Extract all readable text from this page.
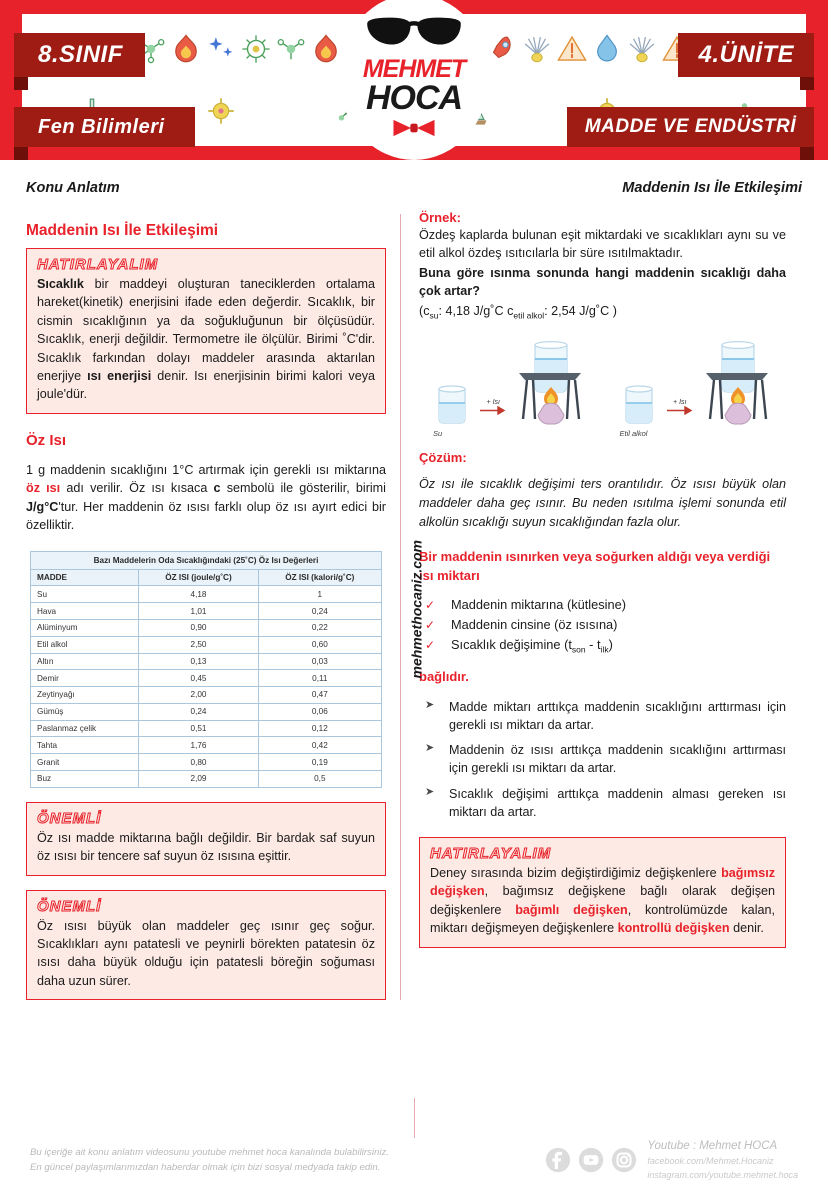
8.SINIF
Fen Bilimleri
4.ÜNİTE
MADDE VE ENDÜSTRİ
MEHMET
HOCA
Konu Anlatım	Maddenin Isı İle Etkileşimi
Maddenin Isı İle Etkileşimi
HATIRLAYALIM

Sıcaklık bir maddeyi oluşturan taneciklerden ortalama hareket(kinetik) enerjisini ifade eden değerdir. Sıcaklık, bir cismin sıcaklığının ya da soğukluğunun bir ölçüsüdür. Sıcaklık, enerji değildir. Termometre ile ölçülür. Birimi ˚C'dir. Sıcaklık farkından dolayı maddeler arasında aktarılan enerjiye ısı enerjisi denir. Isı enerjisinin birimi kalori veya joule'dür.

Öz Isı

1 g maddenin sıcaklığını 1°C artırmak için gerekli ısı miktarına öz ısı adı verilir. Öz ısı kısaca c sembolü ile gösterilir, birimi J/g°C'tur. Her maddenin öz ısısı farklı olup öz ısı ayırt edici bir özelliktir.

Bazı Maddelerin Oda Sıcaklığındaki (25˚C) Öz Isı Değerleri
MADDE	ÖZ ISI (joule/g˚C)	ÖZ ISI (kalori/g˚C)
Su	4,18	1
Hava	1,01	0,24
Alüminyum	0,90	0,22
Etil alkol	2,50	0,60
Altın	0,13	0,03
Demir	0,45	0,11
Zeytinyağı	2,00	0,47
Gümüş	0,24	0,06
Paslanmaz çelik	0,51	0,12
Tahta	1,76	0,42
Granit	0,80	0,19
Buz	2,09	0,5
ÖNEMLİ

Öz ısı madde miktarına bağlı değildir. Bir bardak saf suyun öz ısısı bir tencere saf suyun öz ısısına eşittir.

ÖNEMLİ

Öz ısısı büyük olan maddeler geç ısınır geç soğur. Sıcaklıkları aynı patatesli ve peynirli börekten patatesin öz ısısı daha büyük olduğu için patatesli böreğin soğuması daha uzun sürer.

mehmethocaniz.com
Örnek:

Özdeş kaplarda bulunan eşit miktardaki ve sıcaklıkları aynı su ve etil alkol özdeş ısıtıcılarla bir süre ısıtılmaktadır.

Buna göre ısınma sonunda hangi maddenin sıcaklığı daha çok artar?

($c_{su}$: 4,18 J/g˚C $c_{etil alkol}$: 2,54 J/g˚C )

+ Isı
Su
+ Isı
Etil alkol
Çözüm:

Öz ısı ile sıcaklık değişimi ters orantılıdır. Öz ısısı büyük olan maddeler daha geç ısınır. Bu neden ısıtılma işlemi sonunda etil alkolün sıcaklığı suyun sıcaklığından fazla olur.

Bir maddenin ısınırken veya soğurken aldığı veya verdiği ısı miktarı

✓ Maddenin miktarına (kütlesine)
✓ Maddenin cinsine (öz ısısına)
✓ Sıcaklık değişimine $(t_{son} - t_{ilk})$

bağlıdır.

➤ Madde miktarı arttıkça maddenin sıcaklığını arttırması için gerekli ısı miktarı da artar.
➤ Maddenin öz ısısı arttıkça maddenin sıcaklığını arttırması için gerekli ısı miktarı da artar.
➤ Sıcaklık değişimi arttıkça maddenin alması gereken ısı miktarı da artar.
HATIRLAYALIM

Deney sırasında bizim değiştirdiğimiz değişkenlere bağımsız değişken, bağımsız değişkene bağlı olarak değişen değişkenlere bağımlı değişken, kontrolümüzde kalan, miktarı değişmeyen değişkenlere kontrollü değişken denir.

Bu içeriğe ait konu anlatım videosunu youtube mehmet hoca kanalında bulabilirsiniz.
En güncel paylaşımlarımızdan haberdar olmak için bizi sosyal medyada takip edin.
Youtube : Mehmet HOCA
facebook.com/Mehmet.Hocaniz
instagram.com/youtube.mehmet.hoca
